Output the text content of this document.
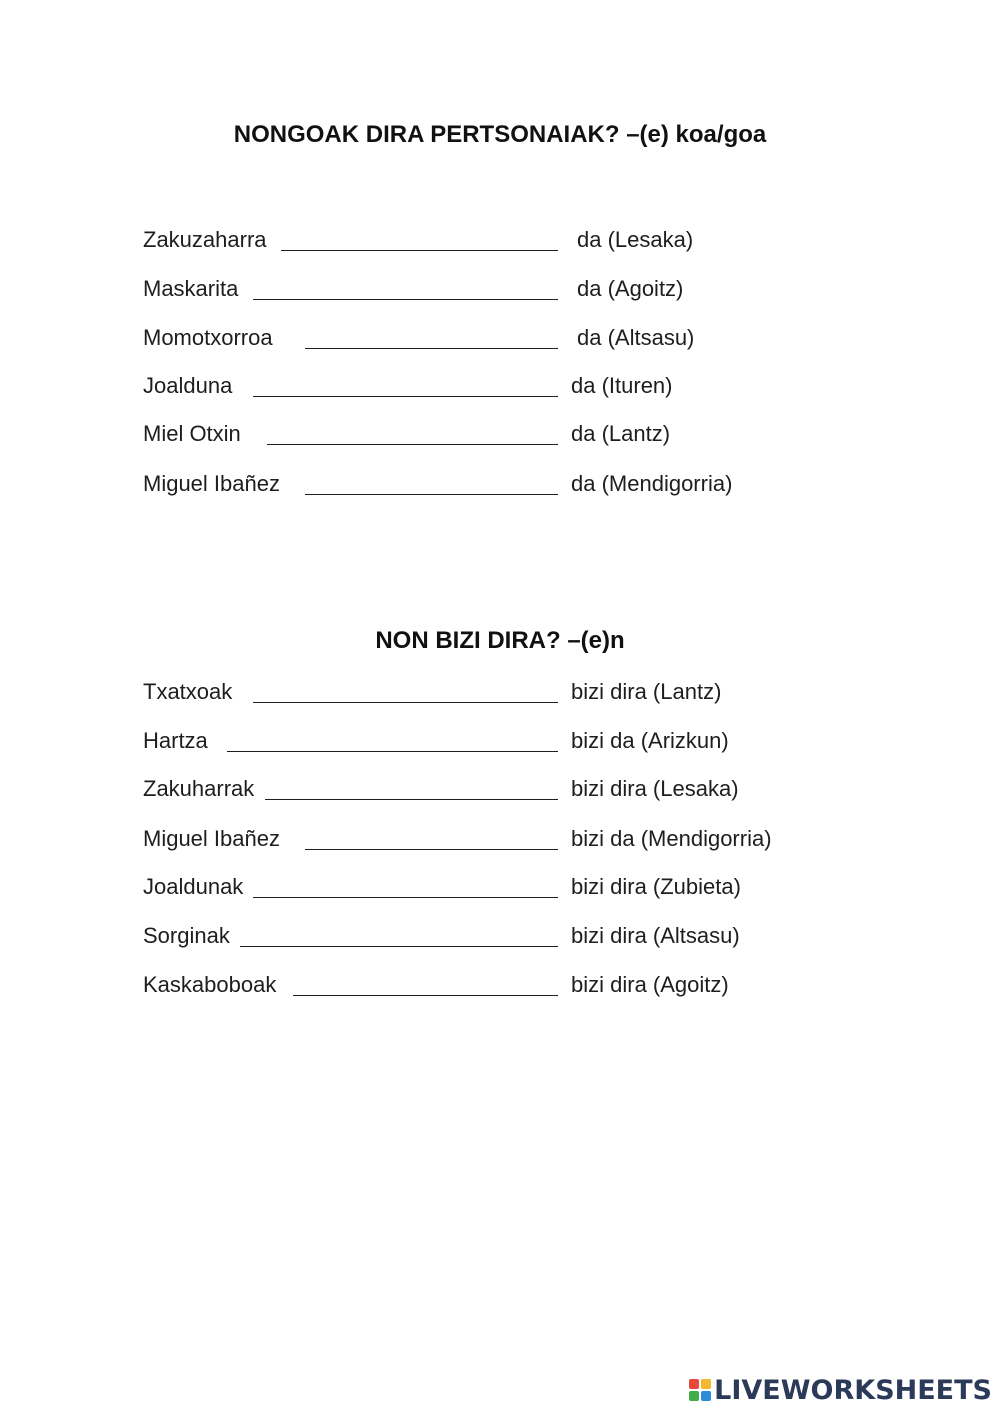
NONGOAK DIRA PERTSONAIAK? –(e) koa/goa
Zakuzaharra	da (Lesaka)
Maskarita	da (Agoitz)
Momotxorroa	da (Altsasu)
Joalduna	da (Ituren)
Miel Otxin	da (Lantz)
Miguel Ibañez	da (Mendigorria)
NON BIZI DIRA? –(e)n
Txatxoak	bizi dira (Lantz)
Hartza	bizi da (Arizkun)
Zakuharrak	bizi dira (Lesaka)
Miguel Ibañez	bizi da (Mendigorria)
Joaldunak	bizi dira (Zubieta)
Sorginak	bizi dira (Altsasu)
Kaskaboboak	bizi dira (Agoitz)
LIVEWORKSHEETS
